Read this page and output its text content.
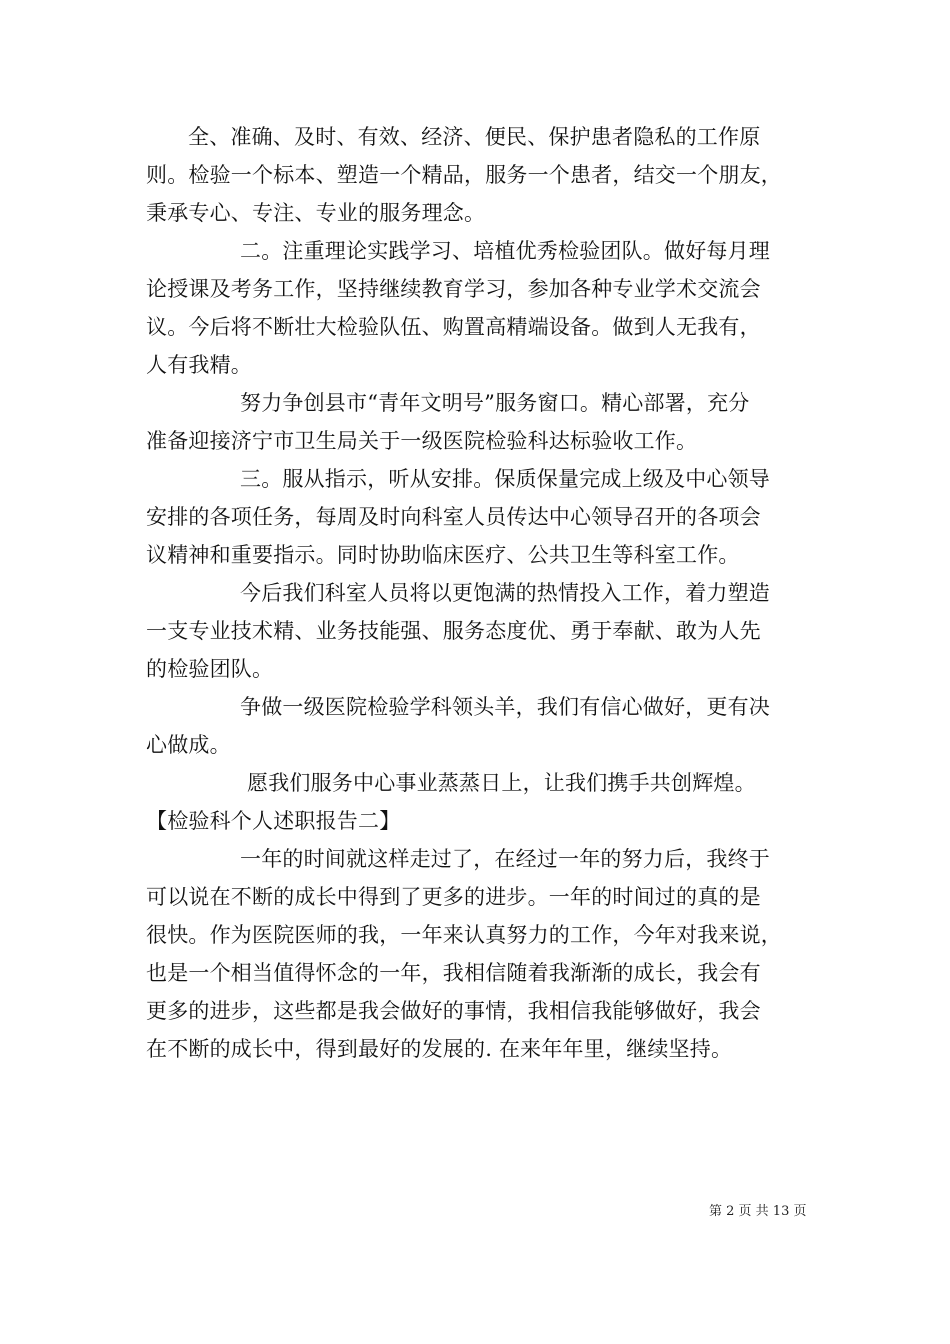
全、准确、及时、有效、经济、便民、保护患者隐私的工作原
则。检验一个标本、塑造一个精品，服务一个患者，结交一个朋友，
秉承专心、专注、专业的服务理念。
二。注重理论实践学习、培植优秀检验团队。做好每月理
论授课及考务工作，坚持继续教育学习，参加各种专业学术交流会
议。今后将不断壮大检验队伍、购置高精端设备。做到人无我有，
人有我精。
努力争创县市“青年文明号”服务窗口。精心部署，充分
准备迎接济宁市卫生局关于一级医院检验科达标验收工作。
三。服从指示，听从安排。保质保量完成上级及中心领导
安排的各项任务，每周及时向科室人员传达中心领导召开的各项会
议精神和重要指示。同时协助临床医疗、公共卫生等科室工作。
今后我们科室人员将以更饱满的热情投入工作，着力塑造
一支专业技术精、业务技能强、服务态度优、勇于奉献、敢为人先
的检验团队。
争做一级医院检验学科领头羊，我们有信心做好，更有决
心做成。
愿我们服务中心事业蒸蒸日上，让我们携手共创辉煌。
【检验科个人述职报告二】
一年的时间就这样走过了，在经过一年的努力后，我终于
可以说在不断的成长中得到了更多的进步。一年的时间过的真的是
很快。作为医院医师的我，一年来认真努力的工作，今年对我来说，
也是一个相当值得怀念的一年，我相信随着我渐渐的成长，我会有
更多的进步，这些都是我会做好的事情，我相信我能够做好，我会
在不断的成长中，得到最好的发展的. 在来年年里，继续坚持。
第 2 页 共 13 页
